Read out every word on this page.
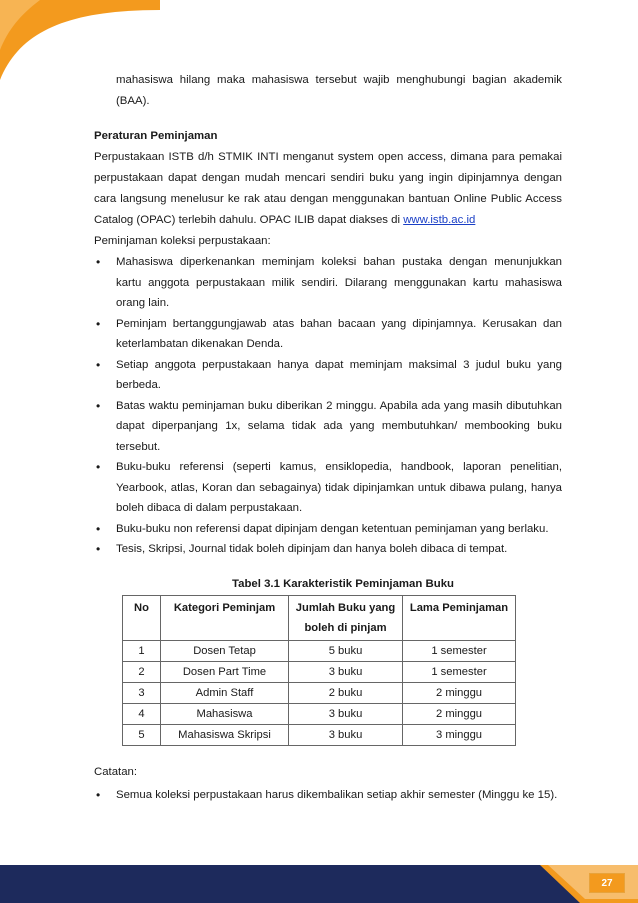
mahasiswa hilang maka mahasiswa tersebut wajib menghubungi bagian akademik (BAA).

Peraturan Peminjaman

Perpustakaan ISTB d/h STMIK INTI menganut system open access, dimana para pemakai perpustakaan dapat dengan mudah mencari sendiri buku yang ingin dipinjamnya dengan cara langsung menelusur ke rak atau dengan menggunakan bantuan Online Public Access Catalog (OPAC) terlebih dahulu. OPAC ILIB dapat diakses di www.istb.ac.id

Peminjaman koleksi perpustakaan:

• Mahasiswa diperkenankan meminjam koleksi bahan pustaka dengan menunjukkan kartu anggota perpustakaan milik sendiri. Dilarang menggunakan kartu mahasiswa orang lain.
• Peminjam bertanggungjawab atas bahan bacaan yang dipinjamnya. Kerusakan dan keterlambatan dikenakan Denda.
• Setiap anggota perpustakaan hanya dapat meminjam maksimal 3 judul buku yang berbeda.
• Batas waktu peminjaman buku diberikan 2 minggu. Apabila ada yang masih dibutuhkan dapat diperpanjang 1x, selama tidak ada yang membutuhkan/ membooking buku tersebut.
• Buku-buku referensi (seperti kamus, ensiklopedia, handbook, laporan penelitian, Yearbook, atlas, Koran dan sebagainya) tidak dipinjamkan untuk dibawa pulang, hanya boleh dibaca di dalam perpustakaan.
• Buku-buku non referensi dapat dipinjam dengan ketentuan peminjaman yang berlaku.
• Tesis, Skripsi, Journal tidak boleh dipinjam dan hanya boleh dibaca di tempat.
Tabel 3.1 Karakteristik Peminjaman Buku
No	Kategori Peminjam	Jumlah Buku yang boleh di pinjam	Lama Peminjaman
1	Dosen Tetap	5 buku	1 semester
2	Dosen Part Time	3 buku	1 semester
3	Admin Staff	2 buku	2 minggu
4	Mahasiswa	3 buku	2 minggu
5	Mahasiswa Skripsi	3 buku	3 minggu

Catatan:

• Semua koleksi perpustakaan harus dikembalikan setiap akhir semester (Minggu ke 15).
27
